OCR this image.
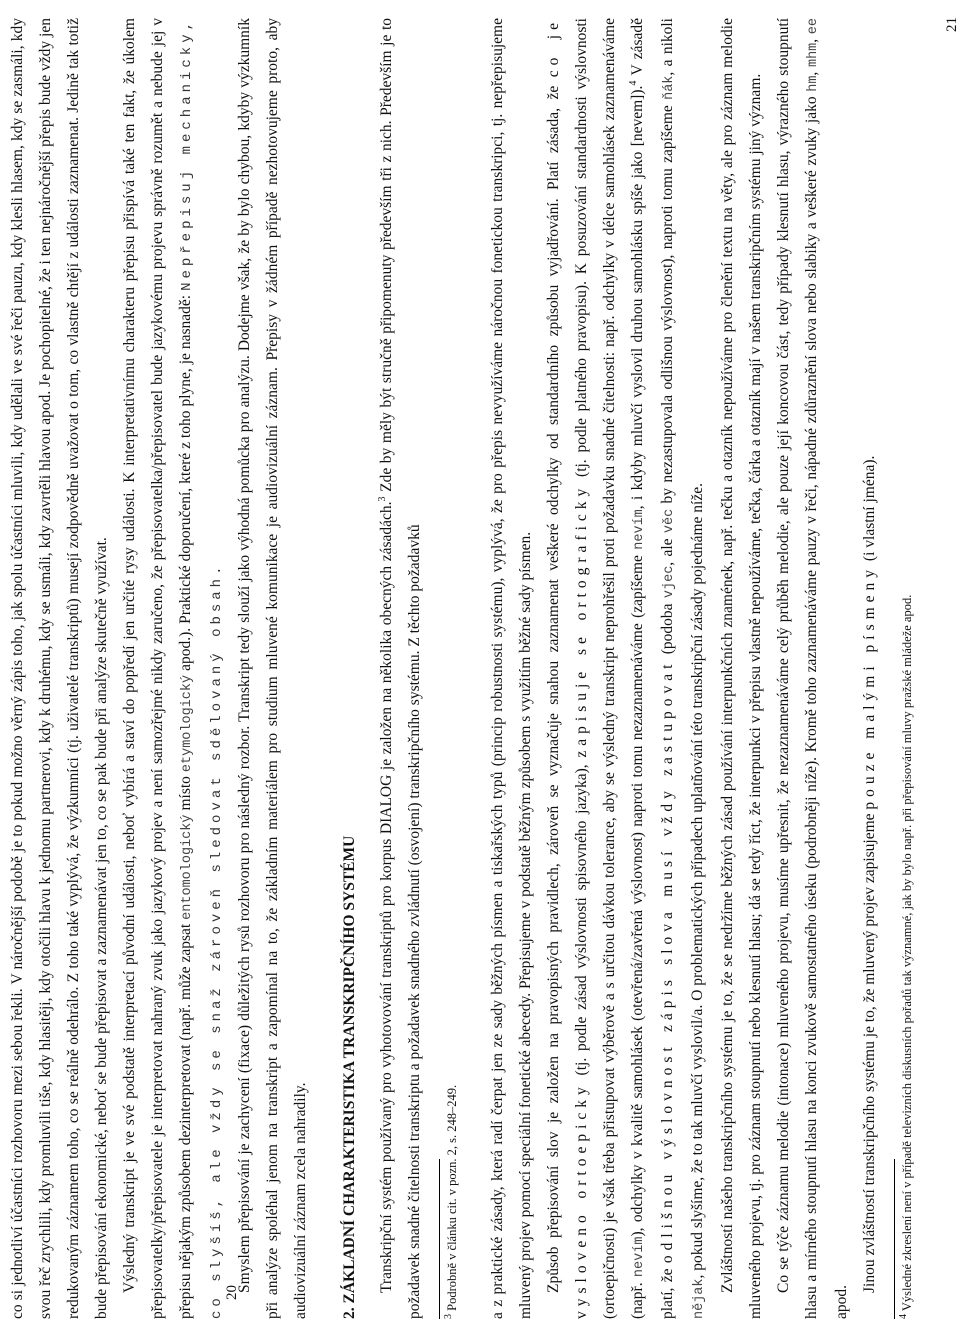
co si jednotliví účastníci rozhovoru mezi sebou řekli. V náročnější podobě je to pokud možno věrný zápis toho, jak spolu účastníci mluvili, kdy udělali ve své řeči pauzu, kdy klesli hlasem, kdy se zasmáli, kdy svou řeč zrychlili, kdy promluvili tiše, kdy hlasitěji, kdy otočili hlavu k jednomu partnerovi, kdy k druhému, kdy se usmáli, kdy zavrtěli hlavou apod. Je pochopitelné, že i ten nejnáročnější přepis bude vždy jen redukovaným záznamem toho, co se reálně odehrálo. Z toho také vyplývá, že výzkumníci (tj. uživatelé transkriptů) musejí zodpovědně uvažovat o tom, co vlastně chtějí z události zaznamenat. Jedině tak totiž bude přepisování ekonomické, neboť se bude přepisovat a zaznamenávat jen to, co se pak bude při analýze skutečně využívat. Výsledný transkript je ve své podstatě interpretací původní události, neboť vybírá a staví do popředí jen určité rysy události. K interpretativnímu charakteru přepisu přispívá také ten fakt, že úkolem přepisovatelky/přepisovatele je interpretovat nahraný zvuk jako jazykový projev a není samozřejmé nikdy zaručeno, že přepisovatelka/přepisovatel bude jazykovému projevu správně rozumět a nebude jej v přepisu nějakým způsobem dezinterpretovat (např. může zapsat entomologický místo etymologický apod.). Praktické doporučení, které z toho plyne, je nasnadě: Nepřepisuj mechanicky, co slyšíš, ale vždy se snaž zároveň sledovat sdělovaný obsah. Smyslem přepisování je zachycení (fixace) důležitých rysů rozhovoru pro následný rozbor. Transkript tedy slouží jako výhodná pomůcka pro analýzu. Dodejme však, že by bylo chybou, kdyby výzkumník při analýze spoléhal jenom na transkript a zapomínal na to, že základním materiálem pro studium mluvené komunikace je audiovizuální záznam. Přepisy v žádném případě nezhotovujeme proto, aby audiovizuální záznam zcela nahradily.	2. ZÁKLADNÍ CHARAKTERISTIKA TRANSKRIPČNÍHO SYSTÉMU	Transkripční systém používaný pro vyhotovování transkriptů pro korpus DIALOG je založen na několika obecných zásadách.$^3$ Zde by měly být stručně připomenuty především tři z nich. Především je to požadavek snadné čitelnosti transkriptu a požadavek snadného zvládnutí (osvojení) transkripčního systému. Z těchto požadavků	$^3$ Podrobně v článku cit. v pozn. 2, s. 248–249.	a z praktické zásady, která radí čerpat jen ze sady běžných písmen a tiskařských typů (princip robustnosti systému), vyplývá, že pro přepis nevyužíváme náročnou fonetickou transkripci, tj. nepřepisujeme mluvený projev pomocí speciální fonetické abecedy. Přepisujeme v podstatě běžným způsobem s využitím běžné sady písmen. Způsob přepisování slov je založen na pravopisných pravidlech, zároveň se vyznačuje snahou zaznamenat veškeré odchylky od standardního způsobu vyjadřování. Platí zásada, že co je vysloveno ortoepicky (tj. podle zásad výslovnosti spisovného jazyka), zapisuje se ortograficky (tj. podle platného pravopisu). K posuzování standardnosti výslovnosti (ortoepičnosti) je však třeba přistupovat výběrově a s určitou dávkou tolerance, aby se výsledný transkript neprohřešil proti požadavku snadné čitelnosti: např. odchylky v délce samohlásek zaznamenáváme (např. nevím), odchylky v kvalitě samohlásek (otevřená/zavřená výslovnost) naproti tomu nezaznamenáváme (zapíšeme nevím, i kdyby mluvčí vyslovil druhou samohlásku spíše jako [nevem]).$^4$ V zásadě platí, že odlišnou výslovnost zápis slova musí vždy zastupovat (podoba vjec, ale věc by nezastupovala odlišnou výslovnost), naproti tomu zapíšeme ňák, a nikoli nějak, pokud slyšíme, že to tak mluvčí vyslovil/a. O problematických případech uplatňování této transkripční zásady pojednáme níže. Zvláštností našeho transkripčního systému je to, že se nedržíme běžných zásad používání interpunkčních znamének, např. tečku a otazník nepoužíváme pro členění textu na věty, ale pro záznam melodie mluveného projevu, tj. pro záznam stoupnutí nebo klesnutí hlasu; dá se tedy říct, že interpunkci v přepisu vlastně nepoužíváme, tečka, čárka a otazník mají v našem transkripčním systému jiný význam. Co se týče záznamu melodie (intonace) mluveného projevu, musíme upřesnit, že nezaznamenáváme celý průběh melodie, ale pouze její koncovou část, tedy případy klesnutí hlasu, výrazného stoupnutí hlasu a mírného stoupnutí hlasu na konci zvukově samostatného úseku (podrobněji níže). Kromě toho zaznamenáváme pauzy v řeči, nápadné zdůraznění slova nebo slabiky a veškeré zvuky jako hm, mhm, ee apod.

Jinou zvláštností transkripčního systému je to, že mluvený projev zapisujeme pouze malými písmeny (i vlastní jména).

$^4$ Výsledné zkreslení není v případě televizních diskusních pořadů tak významné, jak by bylo např. při přepisování mluvy pražské mládeže apod.

20
21
